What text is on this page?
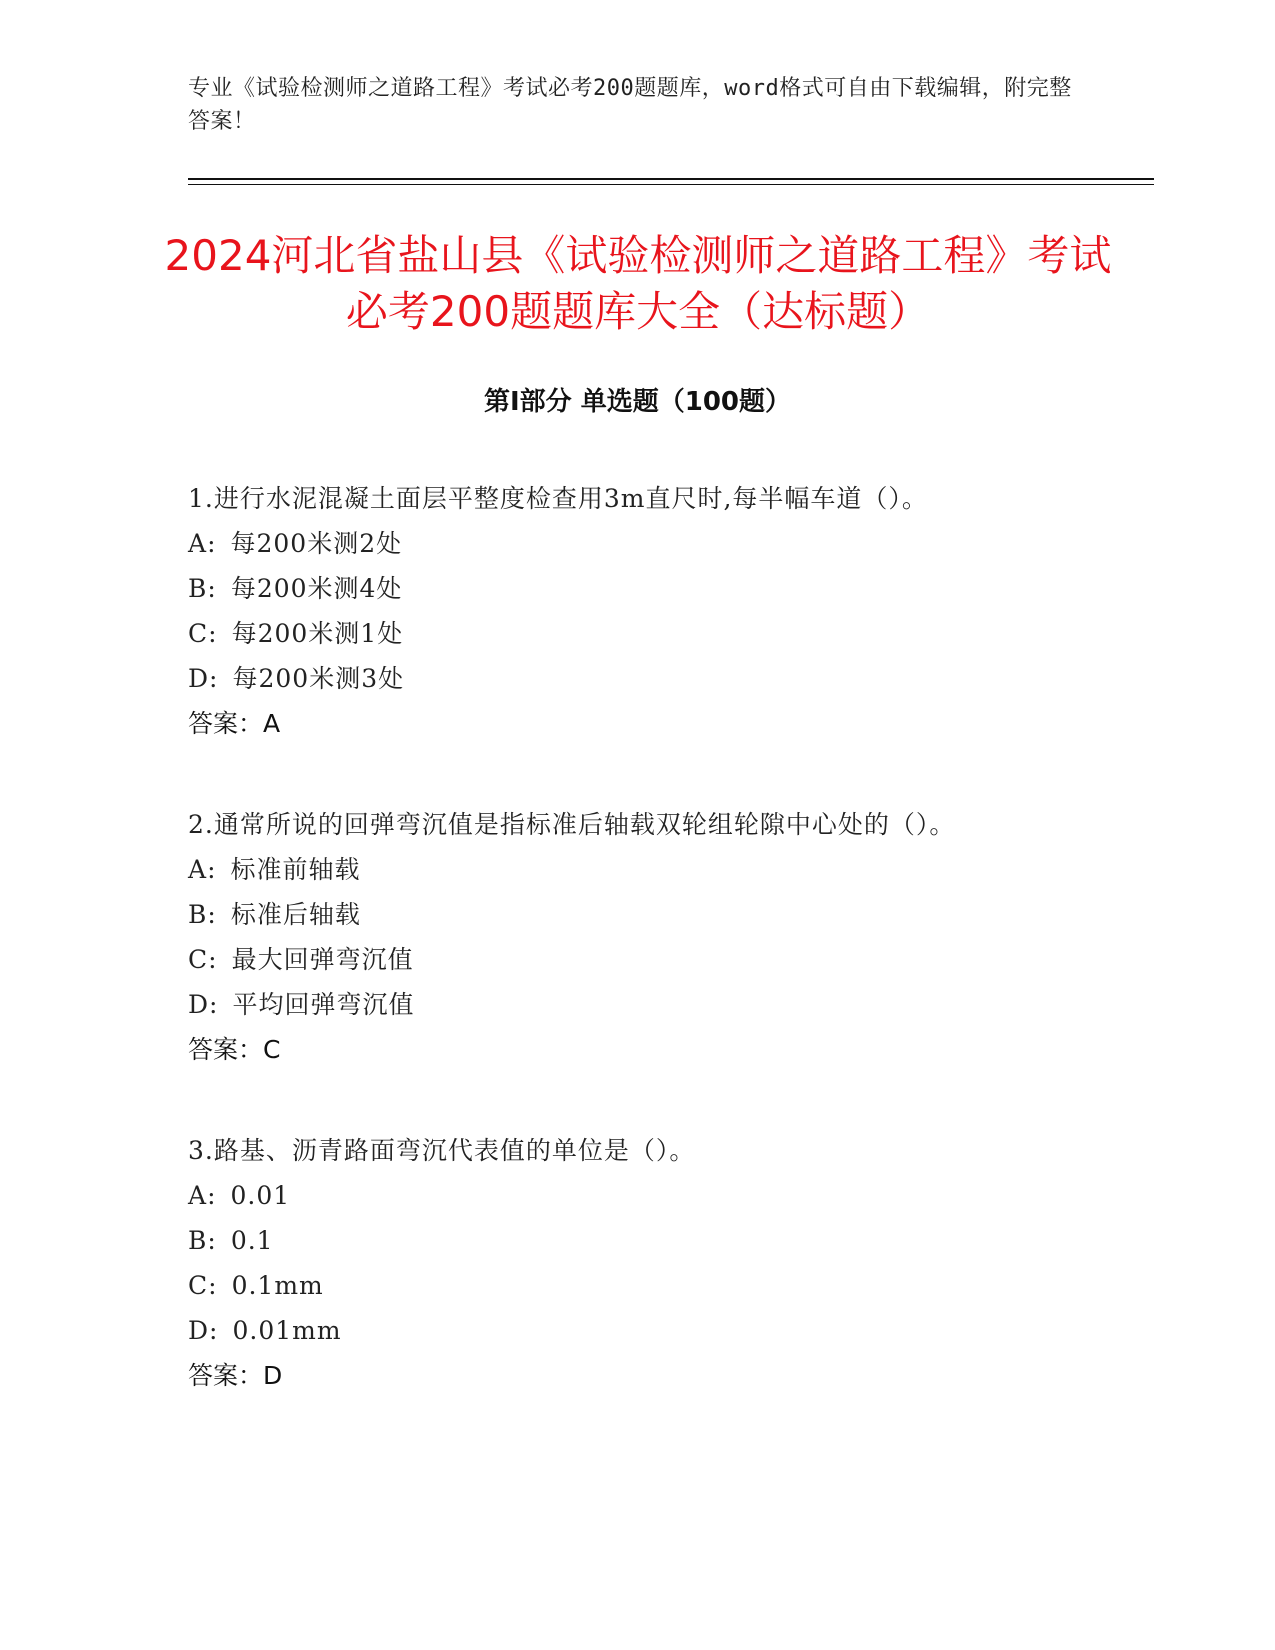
专业《试验检测师之道路工程》考试必考200题题库，word格式可自由下载编辑，附完整答案！
2024河北省盐山县《试验检测师之道路工程》考试必考200题题库大全（达标题）
第I部分 单选题（100题）
1.进行水泥混凝土面层平整度检查用3m直尺时,每半幅车道（）。
A: 每200米测2处
B: 每200米测4处
C: 每200米测1处
D: 每200米测3处
答案：A
2.通常所说的回弹弯沉值是指标准后轴载双轮组轮隙中心处的（）。
A: 标准前轴载
B: 标准后轴载
C: 最大回弹弯沉值
D: 平均回弹弯沉值
答案：C
3.路基、沥青路面弯沉代表值的单位是（）。
A: 0.01
B: 0.1
C: 0.1mm
D: 0.01mm
答案：D
